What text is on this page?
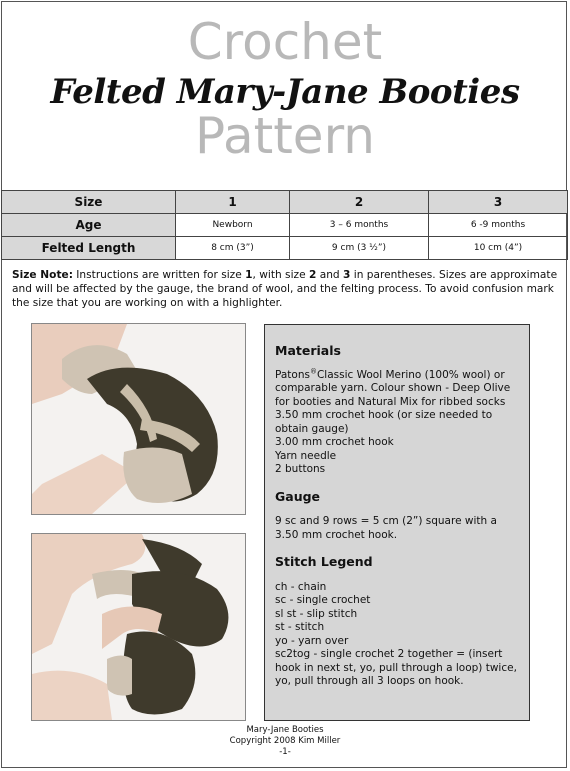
Crochet
Felted Mary-Jane Booties
Pattern
Size	1	2	3
Age	Newborn	3 – 6 months	6 -9 months
Felted Length	8 cm (3”)	9 cm (3 ½”)	10 cm (4”)
Size Note: Instructions are written for size 1, with size 2 and 3 in parentheses. Sizes are approximate and will be affected by the gauge, the brand of wool, and the felting process. To avoid confusion mark the size that you are working on with a highlighter.
Materials

Patons®Classic Wool Merino (100% wool) or comparable yarn. Colour shown - Deep Olive for booties and Natural Mix for ribbed socks

3.50 mm crochet hook (or size needed to obtain gauge)

3.00 mm crochet hook

Yarn needle

2 buttons

Gauge

9 sc and 9 rows = 5 cm (2”) square with a 3.50 mm crochet hook.

Stitch Legend

ch - chain

sc - single crochet

sl st - slip stitch

st - stitch

yo - yarn over

sc2tog - single crochet 2 together = (insert hook in next st, yo, pull through a loop) twice, yo, pull through all 3 loops on hook.

Mary-Jane Booties
Copyright 2008 Kim Miller
-1-
